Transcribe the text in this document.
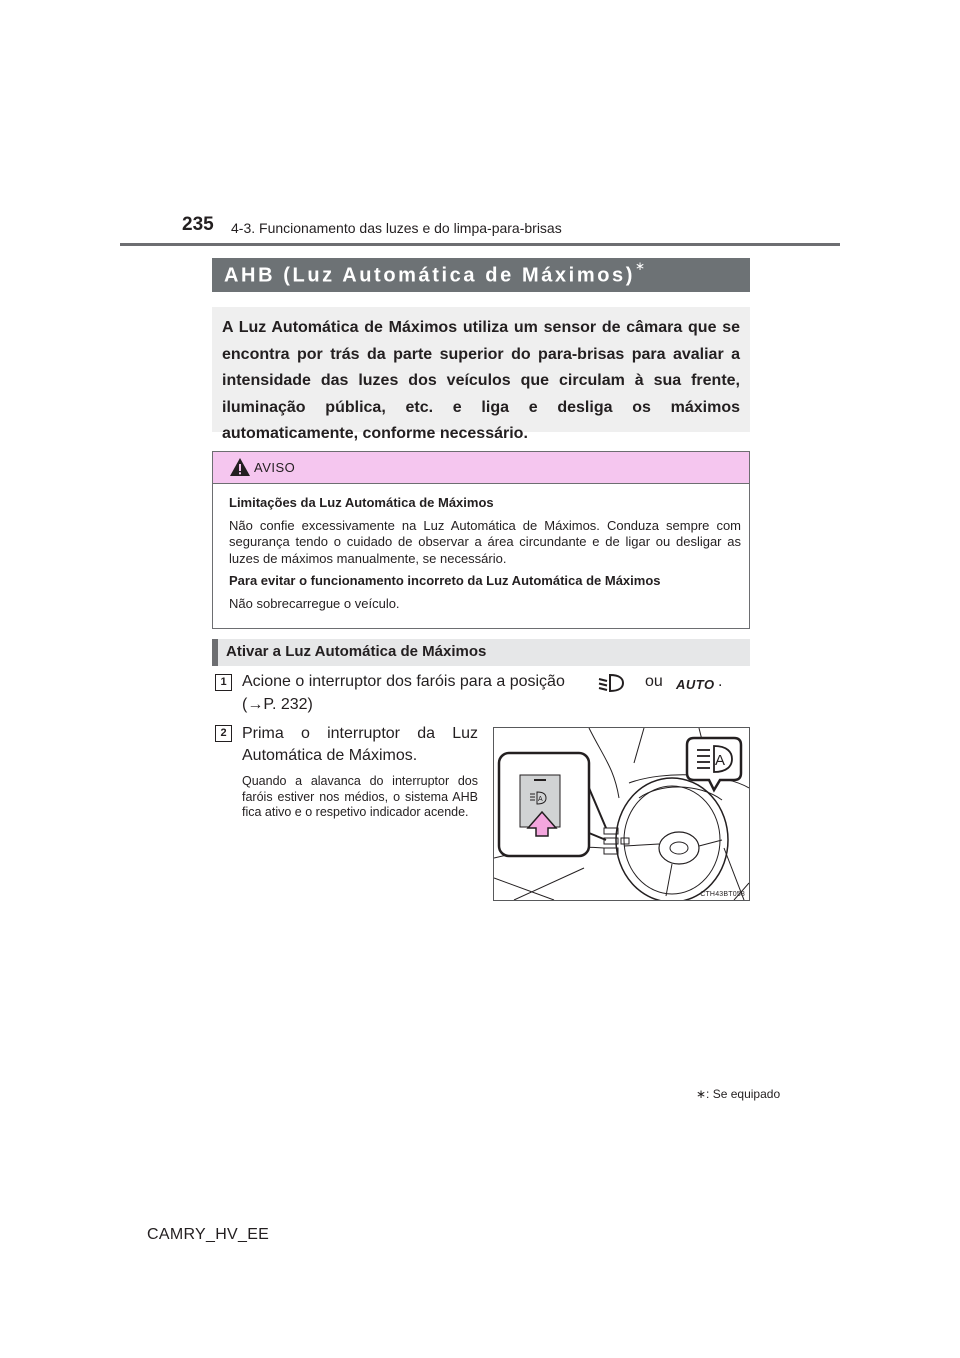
235 4-3. Funcionamento das luzes e do limpa-para-brisas
AHB (Luz Automática de Máximos)∗
A Luz Automática de Máximos utiliza um sensor de câmara que se encontra por trás da parte superior do para-brisas para avaliar a intensidade das luzes dos veículos que circulam à sua frente, iluminação pública, etc. e liga e desliga os máximos automaticamente, conforme necessário.
AVISO
Limitações da Luz Automática de Máximos
Não confie excessivamente na Luz Automática de Máximos. Conduza sempre com segurança tendo o cuidado de observar a área circundante e de ligar ou desligar as luzes de máximos manualmente, se necessário.
Para evitar o funcionamento incorreto da Luz Automática de Máximos
Não sobrecarregue o veículo.
Ativar a Luz Automática de Máximos
1 Acione o interruptor dos faróis para a posição	ou AUTO .
(→P. 232)
2 Prima o interruptor da Luz Automática de Máximos.
Quando a alavanca do interruptor dos faróis estiver nos médios, o sistema AHB fica ativo e o respetivo indicador acende.
A
A
CTH43BT058
∗: Se equipado
CAMRY_HV_EE
